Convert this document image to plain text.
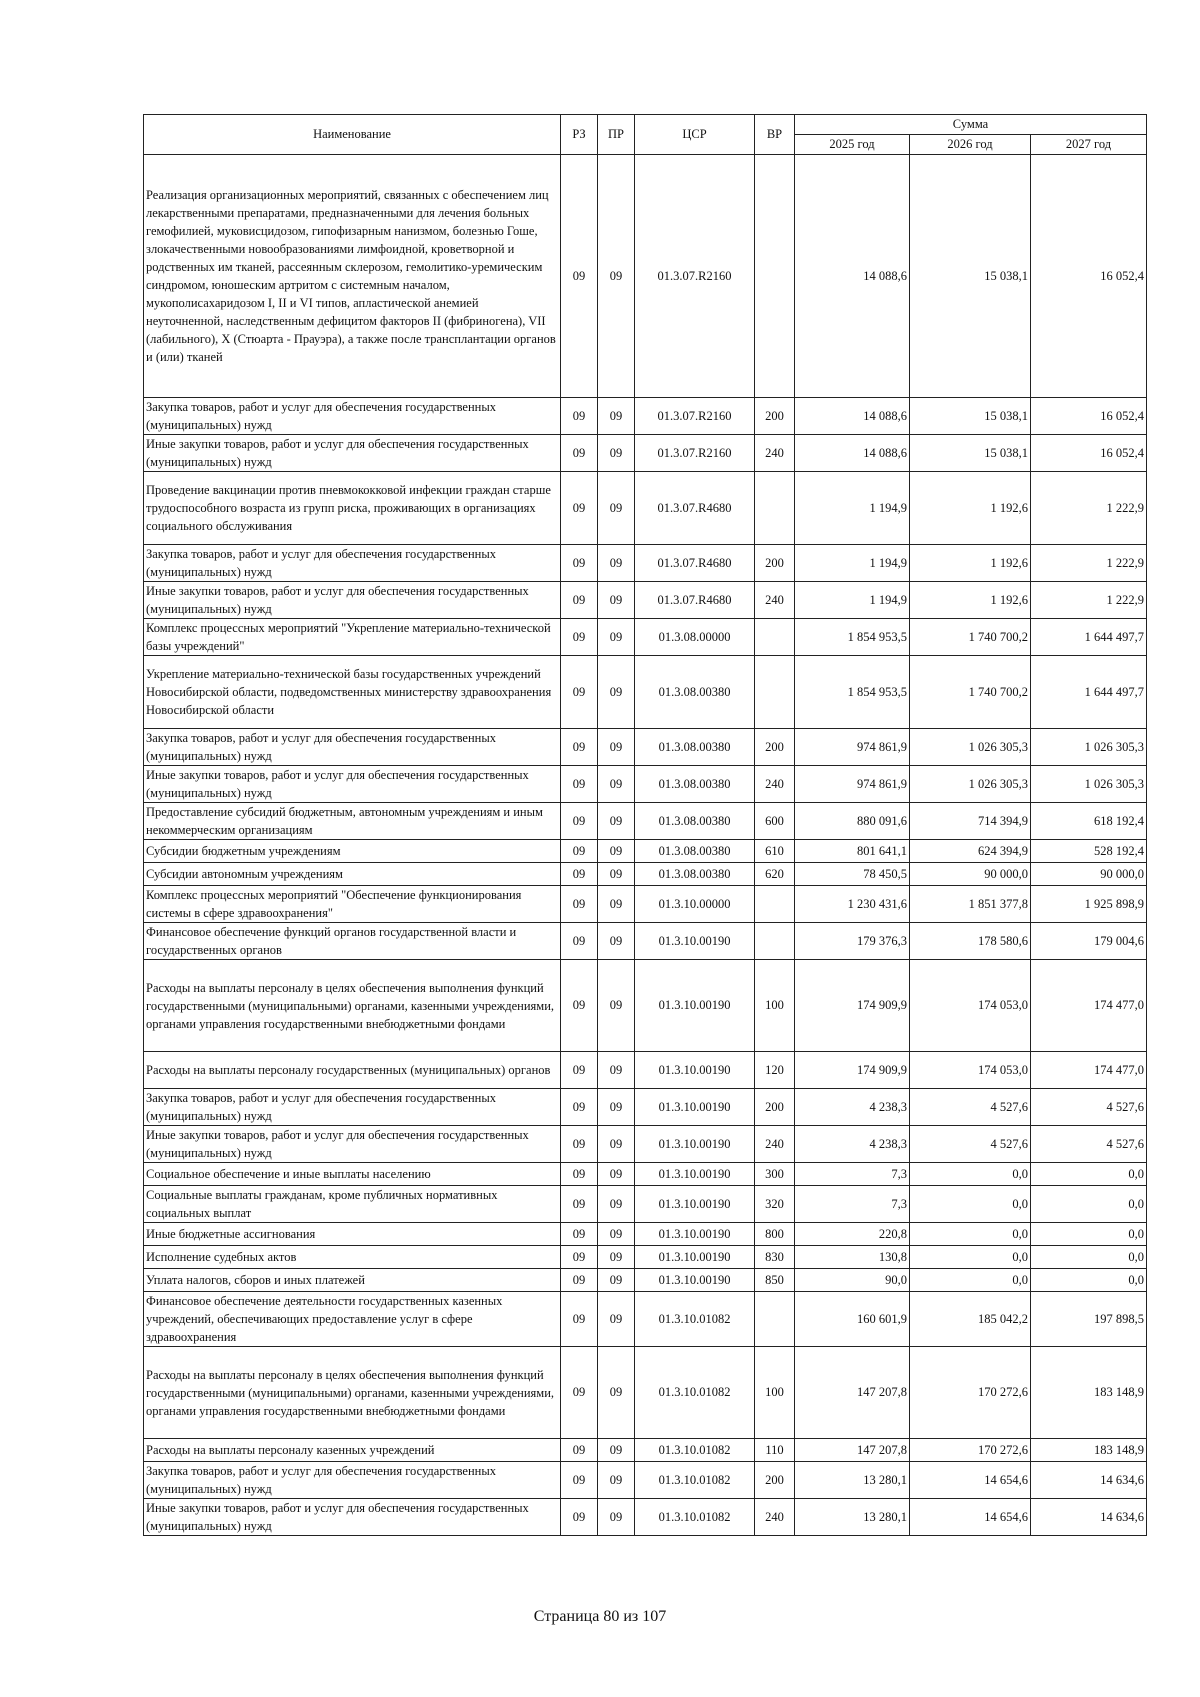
Наименование	РЗ	ПР	ЦСР	ВР	Сумма		
					2025 год	2026 год	2027 год
Реализация организационных мероприятий, связанных с обеспечением лиц лекарственными препаратами, предназначенными для лечения больных гемофилией, муковисцидозом, гипофизарным нанизмом, болезнью Гоше, злокачественными новообразованиями лимфоидной, кроветворной и родственных им тканей, рассеянным склерозом, гемолитико-уремическим синдромом, юношеским артритом с системным началом, мукополисахаридозом I, II и VI типов, апластической анемией неуточненной, наследственным дефицитом факторов II (фибриногена), VII (лабильного), X (Стюарта - Прауэра), а также после трансплантации органов и (или) тканей	09	09	01.3.07.R2160		14 088,6	15 038,1	16 052,4
Закупка товаров, работ и услуг для обеспечения государственных (муниципальных) нужд	09	09	01.3.07.R2160	200	14 088,6	15 038,1	16 052,4
Иные закупки товаров, работ и услуг для обеспечения государственных (муниципальных) нужд	09	09	01.3.07.R2160	240	14 088,6	15 038,1	16 052,4
Проведение вакцинации против пневмококковой инфекции граждан старше трудоспособного возраста из групп риска, проживающих в организациях социального обслуживания	09	09	01.3.07.R4680		1 194,9	1 192,6	1 222,9
Закупка товаров, работ и услуг для обеспечения государственных (муниципальных) нужд	09	09	01.3.07.R4680	200	1 194,9	1 192,6	1 222,9
Иные закупки товаров, работ и услуг для обеспечения государственных (муниципальных) нужд	09	09	01.3.07.R4680	240	1 194,9	1 192,6	1 222,9
Комплекс процессных мероприятий "Укрепление материально-технической базы учреждений"	09	09	01.3.08.00000		1 854 953,5	1 740 700,2	1 644 497,7
Укрепление материально-технической базы государственных учреждений Новосибирской области, подведомственных министерству здравоохранения Новосибирской области	09	09	01.3.08.00380		1 854 953,5	1 740 700,2	1 644 497,7
Закупка товаров, работ и услуг для обеспечения государственных (муниципальных) нужд	09	09	01.3.08.00380	200	974 861,9	1 026 305,3	1 026 305,3
Иные закупки товаров, работ и услуг для обеспечения государственных (муниципальных) нужд	09	09	01.3.08.00380	240	974 861,9	1 026 305,3	1 026 305,3
Предоставление субсидий бюджетным, автономным учреждениям и иным некоммерческим организациям	09	09	01.3.08.00380	600	880 091,6	714 394,9	618 192,4
Субсидии бюджетным учреждениям	09	09	01.3.08.00380	610	801 641,1	624 394,9	528 192,4
Субсидии автономным учреждениям	09	09	01.3.08.00380	620	78 450,5	90 000,0	90 000,0
Комплекс процессных мероприятий "Обеспечение функционирования системы в сфере здравоохранения"	09	09	01.3.10.00000		1 230 431,6	1 851 377,8	1 925 898,9
Финансовое обеспечение функций органов государственной власти и государственных органов	09	09	01.3.10.00190		179 376,3	178 580,6	179 004,6
Расходы на выплаты персоналу в целях обеспечения выполнения функций государственными (муниципальными) органами, казенными учреждениями, органами управления государственными внебюджетными фондами	09	09	01.3.10.00190	100	174 909,9	174 053,0	174 477,0
Расходы на выплаты персоналу государственных (муниципальных) органов	09	09	01.3.10.00190	120	174 909,9	174 053,0	174 477,0
Закупка товаров, работ и услуг для обеспечения государственных (муниципальных) нужд	09	09	01.3.10.00190	200	4 238,3	4 527,6	4 527,6
Иные закупки товаров, работ и услуг для обеспечения государственных (муниципальных) нужд	09	09	01.3.10.00190	240	4 238,3	4 527,6	4 527,6
Социальное обеспечение и иные выплаты населению	09	09	01.3.10.00190	300	7,3	0,0	0,0
Социальные выплаты гражданам, кроме публичных нормативных социальных выплат	09	09	01.3.10.00190	320	7,3	0,0	0,0
Иные бюджетные ассигнования	09	09	01.3.10.00190	800	220,8	0,0	0,0
Исполнение судебных актов	09	09	01.3.10.00190	830	130,8	0,0	0,0
Уплата налогов, сборов и иных платежей	09	09	01.3.10.00190	850	90,0	0,0	0,0
Финансовое обеспечение деятельности государственных казенных учреждений, обеспечивающих предоставление услуг в сфере здравоохранения	09	09	01.3.10.01082		160 601,9	185 042,2	197 898,5
Расходы на выплаты персоналу в целях обеспечения выполнения функций государственными (муниципальными) органами, казенными учреждениями, органами управления государственными внебюджетными фондами	09	09	01.3.10.01082	100	147 207,8	170 272,6	183 148,9
Расходы на выплаты персоналу казенных учреждений	09	09	01.3.10.01082	110	147 207,8	170 272,6	183 148,9
Закупка товаров, работ и услуг для обеспечения государственных (муниципальных) нужд	09	09	01.3.10.01082	200	13 280,1	14 654,6	14 634,6
Иные закупки товаров, работ и услуг для обеспечения государственных (муниципальных) нужд	09	09	01.3.10.01082	240	13 280,1	14 654,6	14 634,6
Страница 80 из 107
